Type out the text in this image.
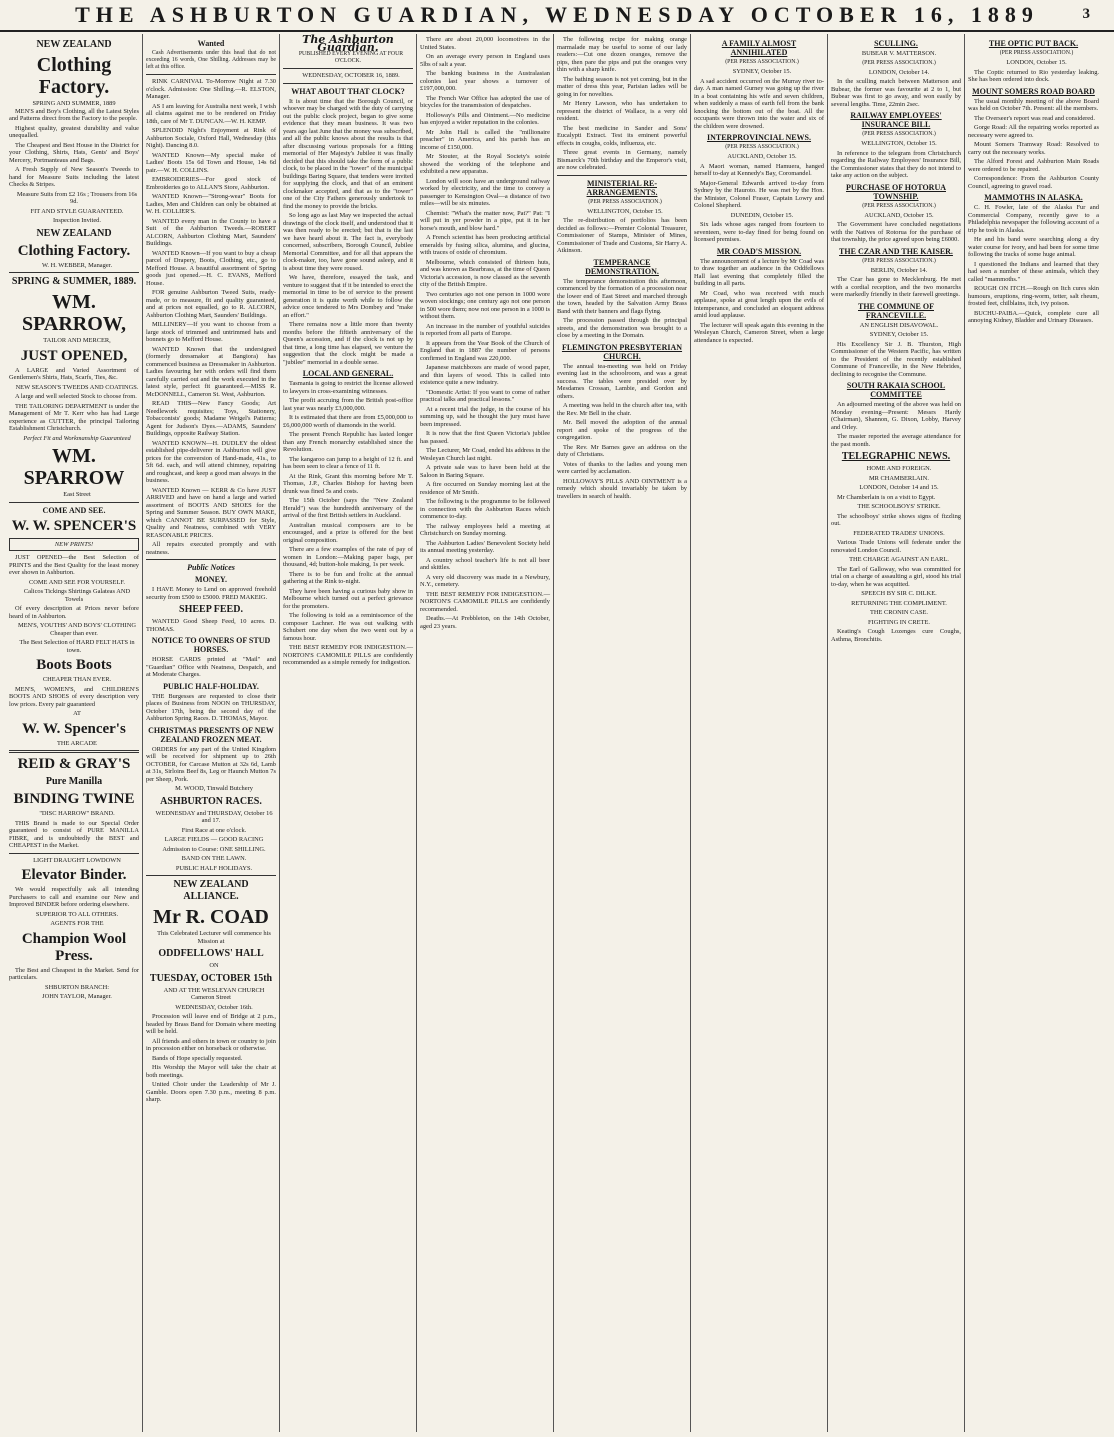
THE ASHBURTON GUARDIAN, WEDNESDAY OCTOBER 16, 1889	3
NEW ZEALAND
Clothing Factory.
SPRING AND SUMMER, 1889

MEN'S and Boy's Clothing, all the Latest Styles and Patterns direct from the Factory to the people.

Highest quality, greatest durability and value unequalled.

The Cheapest and Best House in the District for your Clothing, Shirts, Hats, Gents' and Boys' Mercery, Portmanteaus and Bags.

A Fresh Supply of New Season's Tweeds to hand for Measure Suits including the latest Checks & Stripes.

Measure Suits from £2 16s ; Trousers from 16s 9d.

FIT AND STYLE GUARANTEED.

Inspection Invited.

NEW ZEALAND
Clothing Factory.

W. H. WEBBER, Manager.

SPRING & SUMMER, 1889.
WM. SPARROW,

TAILOR AND MERCER,

JUST OPENED,

A LARGE and Varied Assortment of Gentlemen's Shirts, Hats, Scarfs, Ties, &c.

NEW SEASON'S TWEEDS AND COATINGS.

A large and well selected Stock to choose from.

THE TAILORING DEPARTMENT is under the Management of Mr T. Kerr who has had Large experience as CUTTER, the principal Tailoring Establishment Christchurch.

Perfect Fit and Workmanship Guaranteed

WM. SPARROW

East Street

COME AND SEE.
W. W. SPENCER'S
NEW PRINTS!

JUST OPENED—the Best Selection of PRINTS and the Best Quality for the least money ever shown in Ashburton.

COME AND SEE FOR YOURSELF.

Calicos Tickings Shirtings Galateas AND Towels

Of every description at Prices never before heard of in Ashburton.

MEN'S, YOUTHS' AND BOYS' CLOTHING Cheaper than ever.

The Best Selection of HARD FELT HATS in town.

Boots Boots

CHEAPER THAN EVER.

MEN'S, WOMEN'S, and CHILDREN'S BOOTS AND SHOES of every description very low prices. Every pair guaranteed

AT

W. W. Spencer's

THE ARCADE

REID & GRAY'S
Pure Manilla
BINDING TWINE

"DISC HARROW" BRAND.

THIS Brand is made to our Special Order guaranteed to consist of PURE MANILLA FIBRE, and is undoubtedly the BEST and CHEAPEST in the Market.

LIGHT DRAUGHT LOWDOWN

Elevator Binder.

We would respectfully ask all intending Purchasers to call and examine our New and Improved BINDER before ordering elsewhere.

SUPERIOR TO ALL OTHERS.

AGENTS FOR THE

Champion Wool Press.

The Best and Cheapest in the Market. Send for particulars.

SHBURTON BRANCH:

JOHN TAYLOR, Manager.

Wanted

Cash Advertisements under this head that do not exceeding 16 words, One Shilling. Addresses may be left at this office.

RINK CARNIVAL To-Morrow Night at 7.30 o'clock. Admission: One Shilling.—R. ELSTON, Manager.

AS I am leaving for Australia next week, I wish all claims against me to be rendered on Friday 18th, care of Mr T. DUNCAN.—W. H. KEMP.

SPLENDID Night's Enjoyment at Rink of Ashburton Sociale, Oxford Hall, Wednesday (this Night). Dancing 8.0.

WANTED Known—My special make of Ladies' Boots 15s 6d Town and House, 14s 6d pair.—W. H. COLLINS.

EMBROIDERIES—For good stock of Embroideries go to ALLAN'S Store, Ashburton.

WANTED Known—"Strong-wear" Boots for Ladies, Men and Children can only be obtained at W. H. COLLIER'S.

WANTED every man in the County to have a Suit of the Ashburton Tweeds.—ROBERT ALCORN, Ashburton Clothing Mart, Saunders' Buildings.

WANTED Known—If you want to buy a cheap parcel of Drapery, Boots, Clothing, etc., go to Mefford House. A beautiful assortment of Spring goods just opened.—H. C. EVANS, Mefford House.

FOR genuine Ashburton Tweed Suits, ready-made, or to measure, fit and quality guaranteed, and at prices not equalled, go to R. ALCORN, Ashburton Clothing Mart, Saunders' Buildings.

MILLINERY—If you want to choose from a large stock of trimmed and untrimmed hats and bonnets go to Mefford House.

WANTED Known that the undersigned (formerly dressmaker at Bangiora) has commenced business as Dressmaker in Ashburton. Ladies favouring her with orders will find them carefully carried out and the work executed in the latest style, perfect fit guaranteed.—MISS R. McDONNELL, Cameron St. West, Ashburton.

READ THIS—New Fancy Goods; Art Needlework requisites; Toys, Stationery, Tobacconists' goods; Madame Weigel's Patterns; Agent for Judson's Dyes.—ADAMS, Saunders' Buildings, opposite Railway Station.

WANTED KNOWN—H. DUDLEY the oldest established pipe-deliverer in Ashburton will give prices for the conversion of Hand-made, 41s., to 5ft 6d. each, and will attend chimney, repairing and roughcast, and keep a good man always in the business.

WANTED Known — KERR & Co have JUST ARRIVED and have on hand a large and varied assortment of BOOTS AND SHOES for the Spring and Summer Season. BUY OWN MAKE, which CANNOT BE SURPASSED for Style, Quality and Neatness, combined with VERY REASONABLE PRICES.

All repairs executed promptly and with neatness.

Public Notices
MONEY.

I HAVE Money to Lend on approved freehold security from £500 to £5000. FRED MAKEIG.

SHEEP FEED.

WANTED Good Sheep Feed, 10 acres. D. THOMAS.

NOTICE TO OWNERS OF STUD HORSES.

HORSE CARDS printed at "Mail" and "Guardian" Office with Neatness, Despatch, and at Moderate Charges.

PUBLIC HALF-HOLIDAY.

THE Burgesses are requested to close their places of Business from NOON on THURSDAY, October 17th, being the second day of the Ashburton Spring Races. D. THOMAS, Mayor.

CHRISTMAS PRESENTS OF NEW ZEALAND FROZEN MEAT.

ORDERS for any part of the United Kingdom will be received for shipment up to 26th OCTOBER, for Carcase Mutton at 32s 6d, Lamb at 31s, Sirloins Beef 8s, Leg or Haunch Mutton 7s per Sheep, Pork.

M. WOOD, Tinwald Butchery

ASHBURTON RACES.

WEDNESDAY and THURSDAY, October 16 and 17.

First Race at one o'clock.

LARGE FIELDS — GOOD RACING

Admission to Course: ONE SHILLING.

BAND ON THE LAWN.

PUBLIC HALF HOLIDAYS.

NEW ZEALAND ALLIANCE.
Mr R. COAD

This Celebrated Lecturer will commence his Mission at

ODDFELLOWS' HALL

ON

TUESDAY, OCTOBER 15th

AND AT THE WESLEYAN CHURCH Cameron Street

WEDNESDAY, October 16th.

Procession will leave end of Bridge at 2 p.m., headed by Brass Band for Domain where meeting will be held.

All friends and others in town or country to join in procession either on horseback or otherwise.

Bands of Hope specially requested.

His Worship the Mayor will take the chair at both meetings.

United Choir under the Leadership of Mr J. Gamble. Doors open 7.30 p.m., meeting 8 p.m. sharp.

The Ashburton Guardian.

PUBLISHED EVERY EVENING AT FOUR O'CLOCK.

WEDNESDAY, OCTOBER 16, 1889.

WHAT ABOUT THAT CLOCK?

It is about time that the Borough Council, or whoever may be charged with the duty of carrying out the public clock project, began to give some evidence that they mean business. It was two years ago last June that the money was subscribed, and all the public knows about the results is that after discussing various proposals for a fitting memorial of Her Majesty's Jubilee it was finally decided that this should take the form of a public clock, to be placed in the "tower" of the municipal buildings Baring Square, that tenders were invited for supplying the clock, and that of an eminent clockmaker accepted, and that as to the "tower" one of the City Fathers generously undertook to find the money to provide the bricks.

So long ago as last May we inspected the actual drawings of the clock itself, and understood that it was then ready to be erected; but that is the last we have heard about it. The fact is, everybody concerned, subscribers, Borough Council, Jubilee Memorial Committee, and for all that appears the clock-maker, too, have gone sound asleep, and it is about time they were roused.

We have, therefore, essayed the task, and venture to suggest that if it be intended to erect the memorial in time to be of service to the present generation it is quite worth while to follow the advice once tendered to Mrs Dombey and "make an effort."

There remains now a little more than twenty months before the fiftieth anniversary of the Queen's accession, and if the clock is not up by that time, a long time has elapsed, we venture the suggestion that the clock might be made a "jubilee" memorial in a double sense.

LOCAL AND GENERAL.

Tasmania is going to restrict the license allowed to lawyers in cross-examining witnesses.

The profit accruing from the British post-office last year was nearly £3,000,000.

It is estimated that there are from £5,000,000 to £6,000,000 worth of diamonds in the world.

The present French Republic has lasted longer than any French monarchy established since the Revolution.

The kangaroo can jump to a height of 12 ft. and has been seen to clear a fence of 11 ft.

At the Rink, Grant this morning before Mr T. Thomas, J.P., Charles Bishop for having been drunk was fined 5s and costs.

The 15th October (says the "New Zealand Herald") was the hundredth anniversary of the arrival of the first British settlers in Auckland.

Australian musical composers are to be encouraged, and a prize is offered for the best original composition.

There are a few examples of the rate of pay of women in London:—Making paper bags, per thousand, 4d; button-hole making, 1s per week.

There is to be fun and frolic at the annual gathering at the Rink to-night.

They have been having a curious baby show in Melbourne which turned out a perfect grievance for the promoters.

The following is told as a reminiscence of the composer Lachner. He was out walking with Schubert one day when the two went out by a famous hour.

THE BEST REMEDY FOR INDIGESTION.—NORTON'S CAMOMILE PILLS are confidently recommended as a simple remedy for indigestion.

There are about 20,000 locomotives in the United States.

On an average every person in England uses 5lbs of salt a year.

The banking business in the Australasian colonies last year shows a turnover of £197,000,000.

The French War Office has adopted the use of bicycles for the transmission of despatches.

Holloway's Pills and Ointment.—No medicine has enjoyed a wider reputation in the colonies.

Mr John Hall is called the "millionaire preacher" in America, and his parish has an income of £150,000.

Mr Stouter, at the Royal Society's soirée showed the working of the telephone and exhibited a new apparatus.

London will soon have an underground railway worked by electricity, and the time to convey a passenger to Kensington Oval—a distance of two miles—will be six minutes.

Chemist: "What's the matter now, Pat?" Pat: "I will put in yer powder in a pipe, put it in her horse's mouth, and blow hard."

A French scientist has been producing artificial emeralds by fusing silica, alumina, and glucina, with traces of oxide of chromium.

Melbourne, which consisted of thirteen huts, and was known as Bearbrass, at the time of Queen Victoria's accession, is now classed as the seventh city of the British Empire.

Two centuries ago not one person in 1000 wore woven stockings; one century ago not one person in 500 wore them; now not one person in a 1000 is without them.

An increase in the number of youthful suicides is reported from all parts of Europe.

It appears from the Year Book of the Church of England that in 1887 the number of persons confirmed in England was 220,000.

Japanese matchboxes are made of wood paper, and thin layers of wood. This is called into existence quite a new industry.

"Domestic Artist: If you want to come of rather practical talks and practical lessons."

At a recent trial the judge, in the course of his summing up, said he thought the jury must have been impressed.

It is now that the first Queen Victoria's jubilee has passed.

The Lecturer, Mr Coad, ended his address in the Wesleyan Church last night.

A private sale was to have been held at the Saloon in Baring Square.

A fire occurred on Sunday morning last at the residence of Mr Smith.

The following is the programme to be followed in connection with the Ashburton Races which commence to-day.

The railway employees held a meeting at Christchurch on Sunday morning.

The Ashburton Ladies' Benevolent Society held its annual meeting yesterday.

A country school teacher's life is not all beer and skittles.

A very old discovery was made in a Newbury, N.Y., cemetery.

THE BEST REMEDY FOR INDIGESTION.—NORTON'S CAMOMILE PILLS are confidently recommended.

Deaths.—At Prebbleton, on the 14th October, aged 23 years.

The following recipe for making orange marmalade may be useful to some of our lady readers:—Cut one dozen oranges, remove the pips, then pare the pips and put the oranges very thin with a sharp knife.

The bathing season is not yet coming, but in the matter of dress this year, Parisian ladies will be going in for novelties.

Mr Henry Lawson, who has undertaken to represent the district of Wallace, is a very old resident.

The best medicine in Sander and Sons' Eucalypti Extract. Test its eminent powerful effects in coughs, colds, influenza, etc.

Three great events in Germany, namely Bismarck's 70th birthday and the Emperor's visit, are now celebrated.

MINISTERIAL RE-ARRANGEMENTS.

(PER PRESS ASSOCIATION.)

WELLINGTON, October 15.

The re-distribution of portfolios has been decided as follows:—Premier Colonial Treasurer, Commissioner of Stamps, Minister of Mines, Commissioner of Trade and Customs, Sir Harry A. Atkinson.

TEMPERANCE DEMONSTRATION.

The temperance demonstration this afternoon, commenced by the formation of a procession near the lower end of East Street and marched through the town, headed by the Salvation Army Brass Band with their banners and flags flying.

The procession passed through the principal streets, and the demonstration was brought to a close by a meeting in the Domain.

FLEMINGTON PRESBYTERIAN CHURCH.

The annual tea-meeting was held on Friday evening last in the schoolroom, and was a great success. The tables were presided over by Mesdames Crossan, Lambie, and Gordon and others.

A meeting was held in the church after tea, with the Rev. Mr Bell in the chair.

Mr. Bell moved the adoption of the annual report and spoke of the progress of the congregation.

The Rev. Mr Barnes gave an address on the duty of Christians.

Votes of thanks to the ladies and young men were carried by acclamation.

HOLLOWAY'S PILLS AND OINTMENT is a remedy which should invariably be taken by travellers in search of health.

A FAMILY ALMOST ANNIHILATED

(PER PRESS ASSOCIATION.)

SYDNEY, October 15.

A sad accident occurred on the Murray river to-day. A man named Gurney was going up the river in a boat containing his wife and seven children, when suddenly a mass of earth fell from the bank knocking the bottom out of the boat. All the occupants were thrown into the water and six of the children were drowned.

INTERPROVINCIAL NEWS.

(PER PRESS ASSOCIATION.)

AUCKLAND, October 15.

A Maori woman, named Hamuera, hanged herself to-day at Kennedy's Bay, Coromandel.

Major-General Edwards arrived to-day from Sydney by the Hauroto. He was met by the Hon. the Minister, Colonel Fraser, Captain Lowry and Colonel Shepherd.

DUNEDIN, October 15.

Six lads whose ages ranged from fourteen to seventeen, were to-day fined for being found on licensed premises.

MR COAD'S MISSION.

The announcement of a lecture by Mr Coad was to draw together an audience in the Oddfellows Hall last evening that completely filled the building in all parts.

Mr Coad, who was received with much applause, spoke at great length upon the evils of intemperance, and concluded an eloquent address amid loud applause.

The lecturer will speak again this evening in the Wesleyan Church, Cameron Street, when a large attendance is expected.

SCULLING.

BUBEAR V. MATTERSON.

(PER PRESS ASSOCIATION.)

LONDON, October 14.

In the sculling match between Matterson and Bubear, the former was favourite at 2 to 1, but Bubear was first to go away, and won easily by several lengths. Time, 22min 2sec.

RAILWAY EMPLOYEES' INSURANCE BILL

(PER PRESS ASSOCIATION.)

WELLINGTON, October 15.

In reference to the telegram from Christchurch regarding the Railway Employees' Insurance Bill, the Commissioner states that they do not intend to take any action on the subject.

PURCHASE OF HOTORUA TOWNSHIP.

(PER PRESS ASSOCIATION.)

AUCKLAND, October 15.

The Government have concluded negotiations with the Natives of Rotorua for the purchase of that township, the price agreed upon being £6000.

THE CZAR AND THE KAISER.

(PER PRESS ASSOCIATION.)

BERLIN, October 14.

The Czar has gone to Mecklenburg. He met with a cordial reception, and the two monarchs were markedly friendly in their farewell greetings.

THE COMMUNE OF FRANCEVILLE.

AN ENGLISH DISAVOWAL.

SYDNEY, October 15.

His Excellency Sir J. B. Thurston, High Commissioner of the Western Pacific, has written to the President of the recently established Commune of Franceville, in the New Hebrides, declining to recognise the Commune.

SOUTH RAKAIA SCHOOL COMMITTEE

An adjourned meeting of the above was held on Monday evening—Present: Messrs Hardy (Chairman), Shannon, G. Dixon, Lobby, Harvey and Orley.

The master reported the average attendance for the past month.

TELEGRAPHIC NEWS.

HOME AND FOREIGN.

MR CHAMBERLAIN.

LONDON, October 14 and 15.

Mr Chamberlain is on a visit to Egypt.

THE SCHOOLBOYS' STRIKE.

The schoolboys' strike shows signs of fizzling out.

FEDERATED TRADES' UNIONS.

Various Trade Unions will federate under the renovated London Council.

THE CHARGE AGAINST AN EARL.

The Earl of Galloway, who was committed for trial on a charge of assaulting a girl, stood his trial to-day, when he was acquitted.

SPEECH BY SIR C. DILKE.

RETURNING THE COMPLIMENT.

THE CRONIN CASE.

FIGHTING IN CRETE.

Keating's Cough Lozenges cure Coughs, Asthma, Bronchitis.

THE OPTIC PUT BACK.

(PER PRESS ASSOCIATION.)

LONDON, October 15.

The Coptic returned to Rio yesterday leaking. She has been ordered into dock.

MOUNT SOMERS ROAD BOARD

The usual monthly meeting of the above Board was held on October 7th. Present: all the members.

The Overseer's report was read and considered.

Gorge Road: All the repairing works reported as necessary were agreed to.

Mount Somers Tramway Road: Resolved to carry out the necessary works.

The Alford Forest and Ashburton Main Roads were ordered to be repaired.

Correspondence: From the Ashburton County Council, agreeing to gravel road.

MAMMOTHS IN ALASKA.

C. H. Fowler, late of the Alaska Fur and Commercial Company, recently gave to a Philadelphia newspaper the following account of a trip he took in Alaska.

He and his band were searching along a dry water course for ivory, and had been for some time following the tracks of some huge animal.

I questioned the Indians and learned that they had seen a number of these animals, which they called "mammoths."

ROUGH ON ITCH.—Rough on Itch cures skin humours, eruptions, ring-worm, tetter, salt rheum, frosted feet, chilblains, itch, ivy poison.

BUCHU-PAIBA.—Quick, complete cure all annoying Kidney, Bladder and Urinary Diseases.
